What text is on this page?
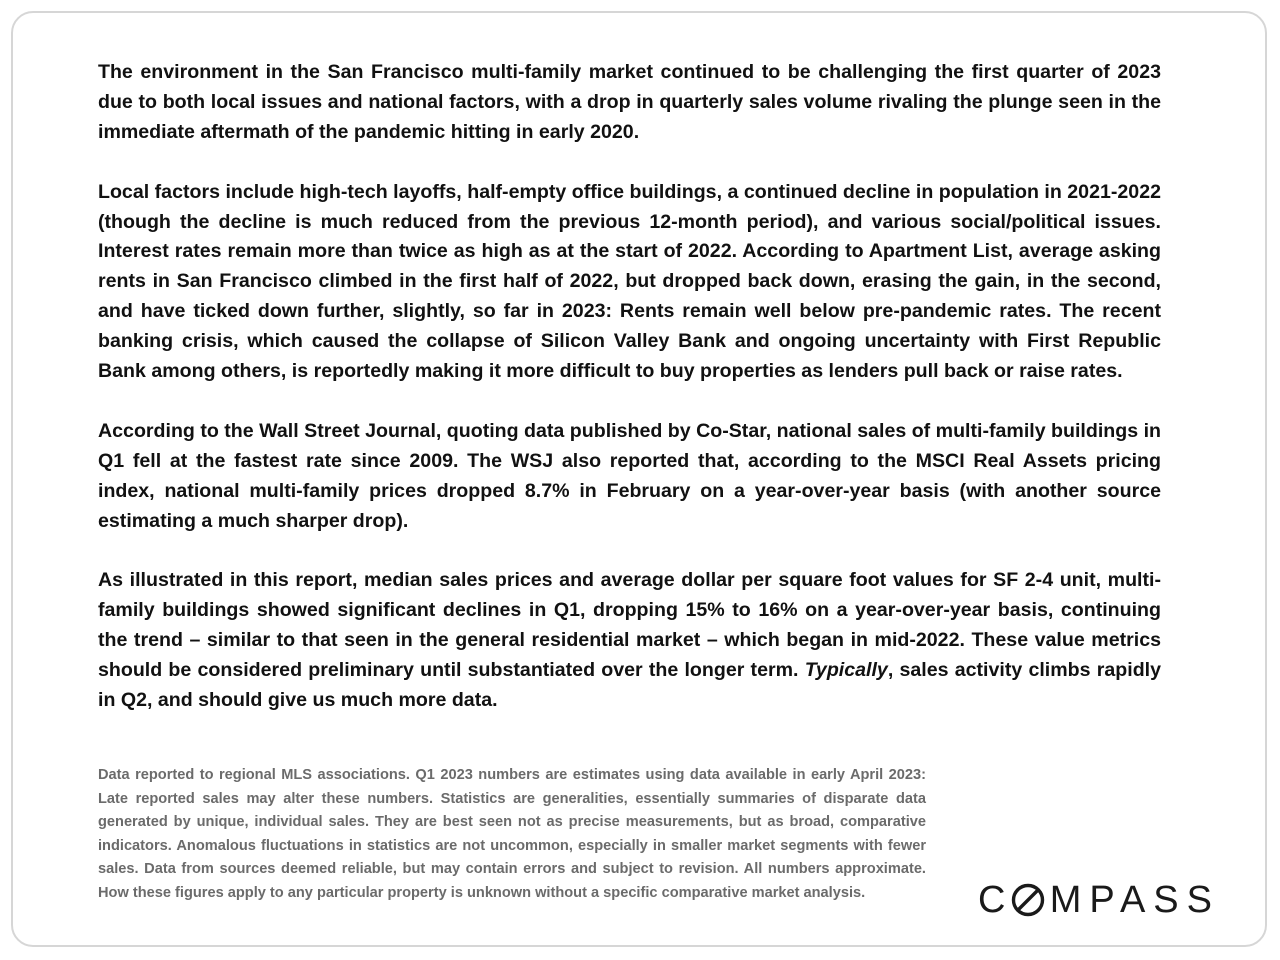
The environment in the San Francisco multi-family market continued to be challenging the first quarter of 2023 due to both local issues and national factors, with a drop in quarterly sales volume rivaling the plunge seen in the immediate aftermath of the pandemic hitting in early 2020.

Local factors include high-tech layoffs, half-empty office buildings, a continued decline in population in 2021-2022 (though the decline is much reduced from the previous 12-month period), and various social/political issues. Interest rates remain more than twice as high as at the start of 2022. According to Apartment List, average asking rents in San Francisco climbed in the first half of 2022, but dropped back down, erasing the gain, in the second, and have ticked down further, slightly, so far in 2023: Rents remain well below pre-pandemic rates. The recent banking crisis, which caused the collapse of Silicon Valley Bank and ongoing uncertainty with First Republic Bank among others, is reportedly making it more difficult to buy properties as lenders pull back or raise rates.

According to the Wall Street Journal, quoting data published by Co-Star, national sales of multi-family buildings in Q1 fell at the fastest rate since 2009. The WSJ also reported that, according to the MSCI Real Assets pricing index, national multi-family prices dropped 8.7% in February on a year-over-year basis (with another source estimating a much sharper drop).

As illustrated in this report, median sales prices and average dollar per square foot values for SF 2-4 unit, multi-family buildings showed significant declines in Q1, dropping 15% to 16% on a year-over-year basis, continuing the trend – similar to that seen in the general residential market – which began in mid-2022. These value metrics should be considered preliminary until substantiated over the longer term. Typically, sales activity climbs rapidly in Q2, and should give us much more data.

Data reported to regional MLS associations. Q1 2023 numbers are estimates using data available in early April 2023: Late reported sales may alter these numbers. Statistics are generalities, essentially summaries of disparate data generated by unique, individual sales. They are best seen not as precise measurements, but as broad, comparative indicators. Anomalous fluctuations in statistics are not uncommon, especially in smaller market segments with fewer sales. Data from sources deemed reliable, but may contain errors and subject to revision. All numbers approximate. How these figures apply to any particular property is unknown without a specific comparative market analysis.	C MPASS
